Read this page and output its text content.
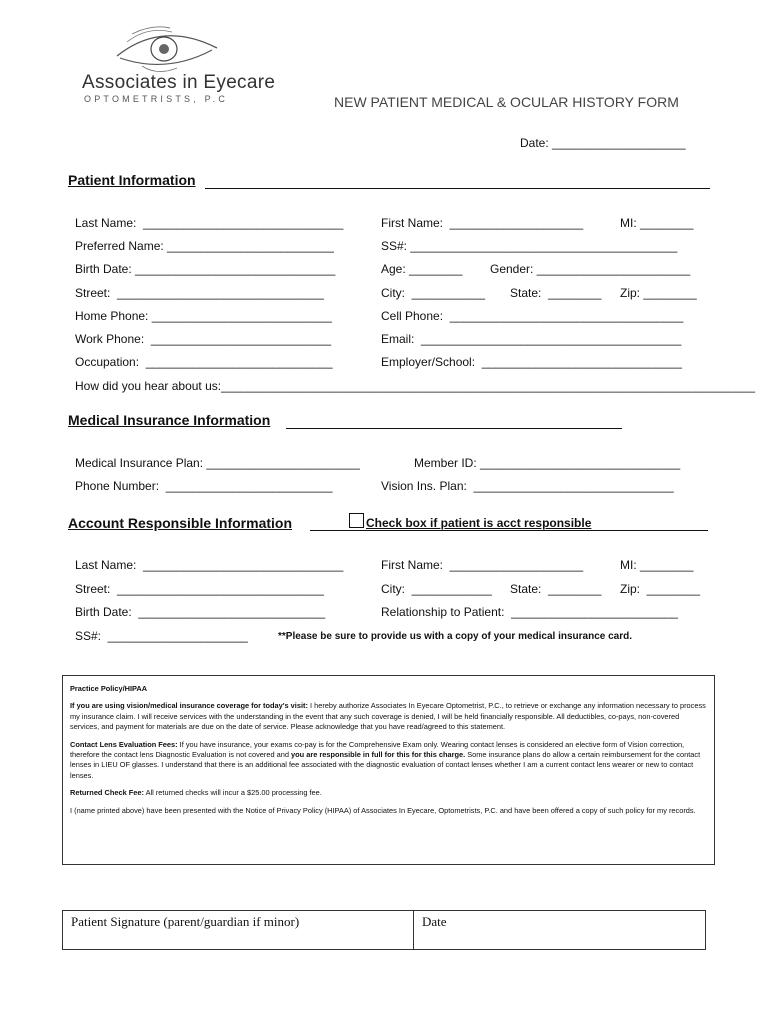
Associates in Eyecare
OPTOMETRISTS, P.C	NEW PATIENT MEDICAL & OCULAR HISTORY FORM
Date: ____________________
Patient Information
Last Name:  ______________________________	First Name:  ____________________	MI: ________
Preferred Name: _________________________	SS#: ________________________________________
Birth Date: ______________________________	Age: ________ Gender: _______________________
Street:  _______________________________	City:  ___________ State:  ________ Zip: ________
Home Phone: ___________________________	Cell Phone:  ___________________________________
Work Phone:  ___________________________	Email:  _______________________________________
Occupation:  ____________________________	Employer/School:  ______________________________
How did you hear about us:________________________________________________________________________________
Medical Insurance Information
Medical Insurance Plan: _______________________	Member ID: ______________________________
Phone Number:  _________________________	Vision Ins. Plan:  ______________________________
Account Responsible Information	Check box if patient is acct responsible
Last Name:  ______________________________	First Name:  ____________________	MI: ________
Street:  _______________________________	City:  ____________ State:  ________ Zip:  ________
Birth Date:  ____________________________	Relationship to Patient:  _________________________
SS#:  _____________________	**Please be sure to provide us with a copy of your medical insurance card.

Practice Policy/HIPAA

If you are using vision/medical insurance coverage for today's visit: I hereby authorize Associates In Eyecare Optometrist, P.C., to retrieve or exchange any information necessary to process my insurance claim. I will receive services with the understanding in the event that any such coverage is denied, I will be held financially responsible. All deductibles, co-pays, non-covered services, and payment for materials are due on the date of service. Please acknowledge that you have read/agreed to this statement.

Contact Lens Evaluation Fees: If you have insurance, your exams co-pay is for the Comprehensive Exam only. Wearing contact lenses is considered an elective form of Vision correction, therefore the contact lens Diagnostic Evaluation is not covered and you are responsible in full for this for this charge. Some insurance plans do allow a certain reimbursement for the contact lenses in LIEU OF glasses. I understand that there is an additional fee associated with the diagnostic evaluation of contact lenses whether I am a current contact lens wearer or new to contact lenses.

Returned Check Fee: All returned checks will incur a $25.00 processing fee.

I (name printed above) have been presented with the Notice of Privacy Policy (HIPAA) of Associates In Eyecare, Optometrists, P.C. and have been offered a copy of such policy for my records.

Patient Signature (parent/guardian if minor)	Date
